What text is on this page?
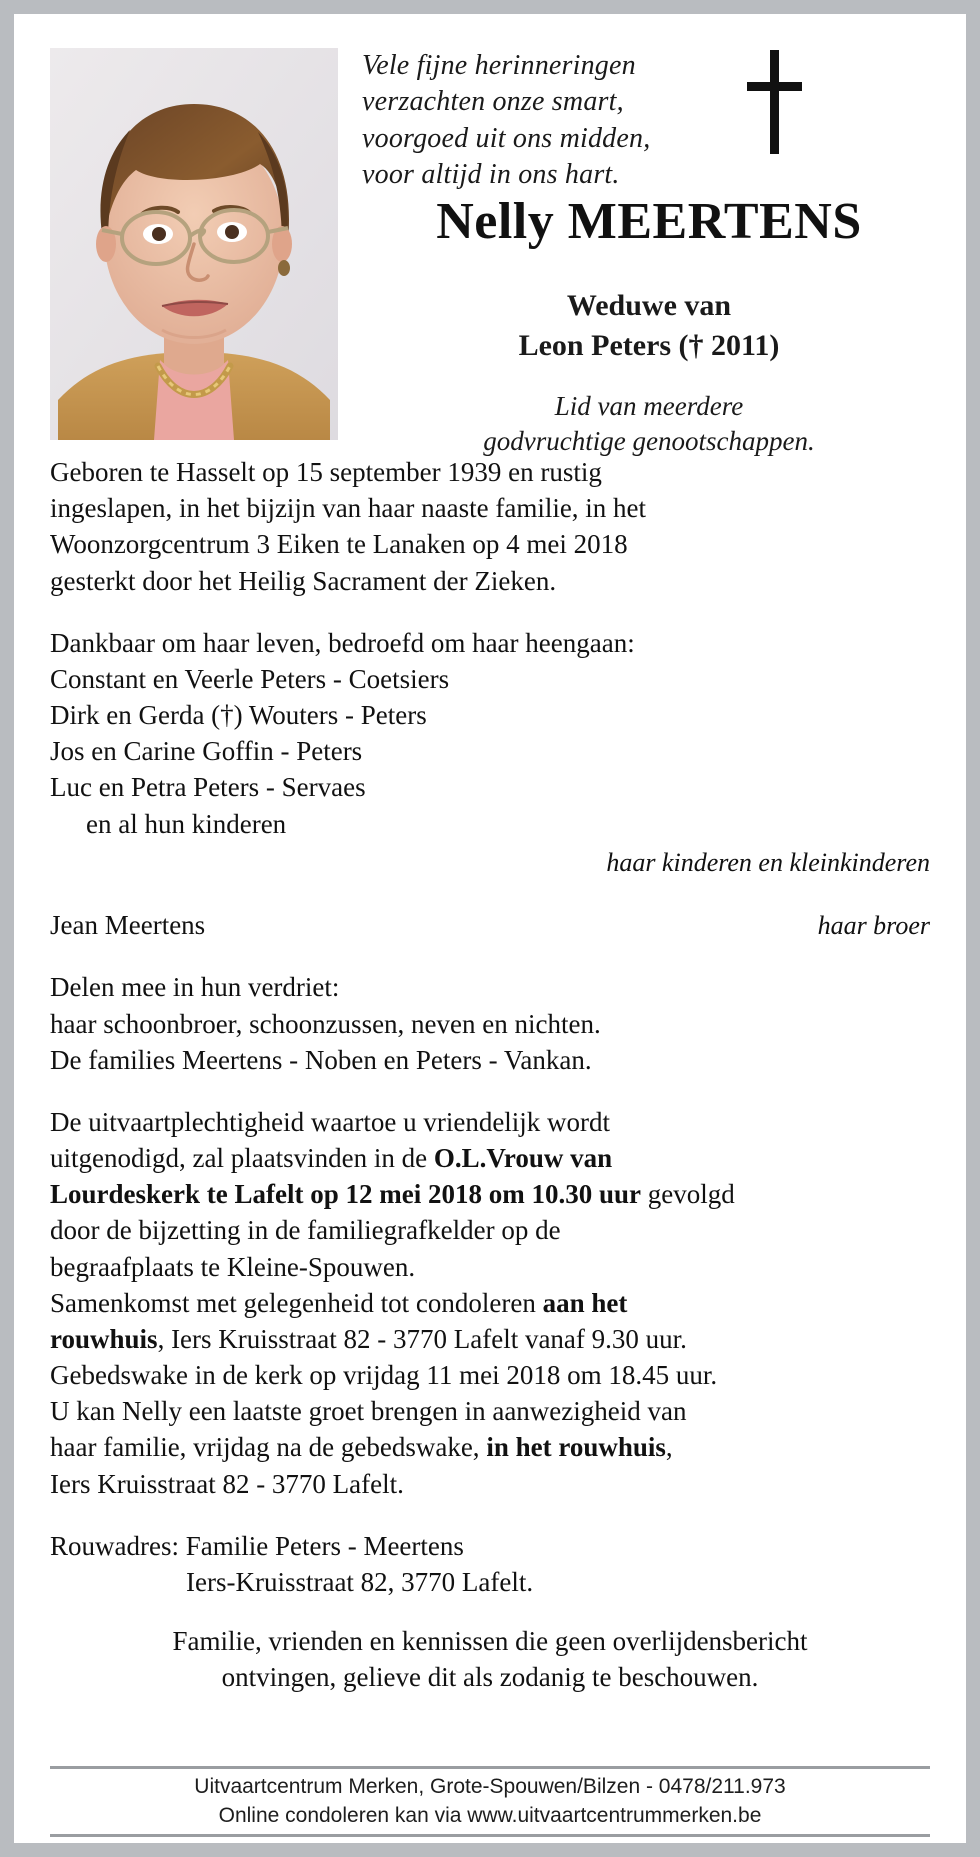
Vele fijne herinneringen
verzachten onze smart,
voorgoed uit ons midden,
voor altijd in ons hart.
Nelly MEERTENS
Weduwe van
Leon Peters († 2011)
Lid van meerdere
godvruchtige genootschappen.
Geboren te Hasselt op 15 september 1939 en rustig
ingeslapen, in het bijzijn van haar naaste familie, in het
Woonzorgcentrum 3 Eiken te Lanaken op 4 mei 2018
gesterkt door het Heilig Sacrament der Zieken.
Dankbaar om haar leven, bedroefd om haar heengaan:
Constant en Veerle Peters - Coetsiers
Dirk en Gerda (†) Wouters - Peters
Jos en Carine Goffin - Peters
Luc en Petra Peters - Servaes
en al hun kinderen
haar kinderen en kleinkinderen
Jean Meertens	haar broer
Delen mee in hun verdriet:
haar schoonbroer, schoonzussen, neven en nichten.
De families Meertens - Noben en Peters - Vankan.
De uitvaartplechtigheid waartoe u vriendelijk wordt
uitgenodigd, zal plaatsvinden in de O.L.Vrouw van
Lourdeskerk te Lafelt op 12 mei 2018 om 10.30 uur gevolgd
door de bijzetting in de familiegrafkelder op de
begraafplaats te Kleine-Spouwen.
Samenkomst met gelegenheid tot condoleren aan het
rouwhuis, Iers Kruisstraat 82 - 3770 Lafelt vanaf 9.30 uur.
Gebedswake in de kerk op vrijdag 11 mei 2018 om 18.45 uur.
U kan Nelly een laatste groet brengen in aanwezigheid van
haar familie, vrijdag na de gebedswake, in het rouwhuis,
Iers Kruisstraat 82 - 3770 Lafelt.
Rouwadres: Familie Peters - Meertens
Iers-Kruisstraat 82, 3770 Lafelt.
Familie, vrienden en kennissen die geen overlijdensbericht
ontvingen, gelieve dit als zodanig te beschouwen.
Uitvaartcentrum Merken, Grote-Spouwen/Bilzen - 0478/211.973
Online condoleren kan via www.uitvaartcentrummerken.be
